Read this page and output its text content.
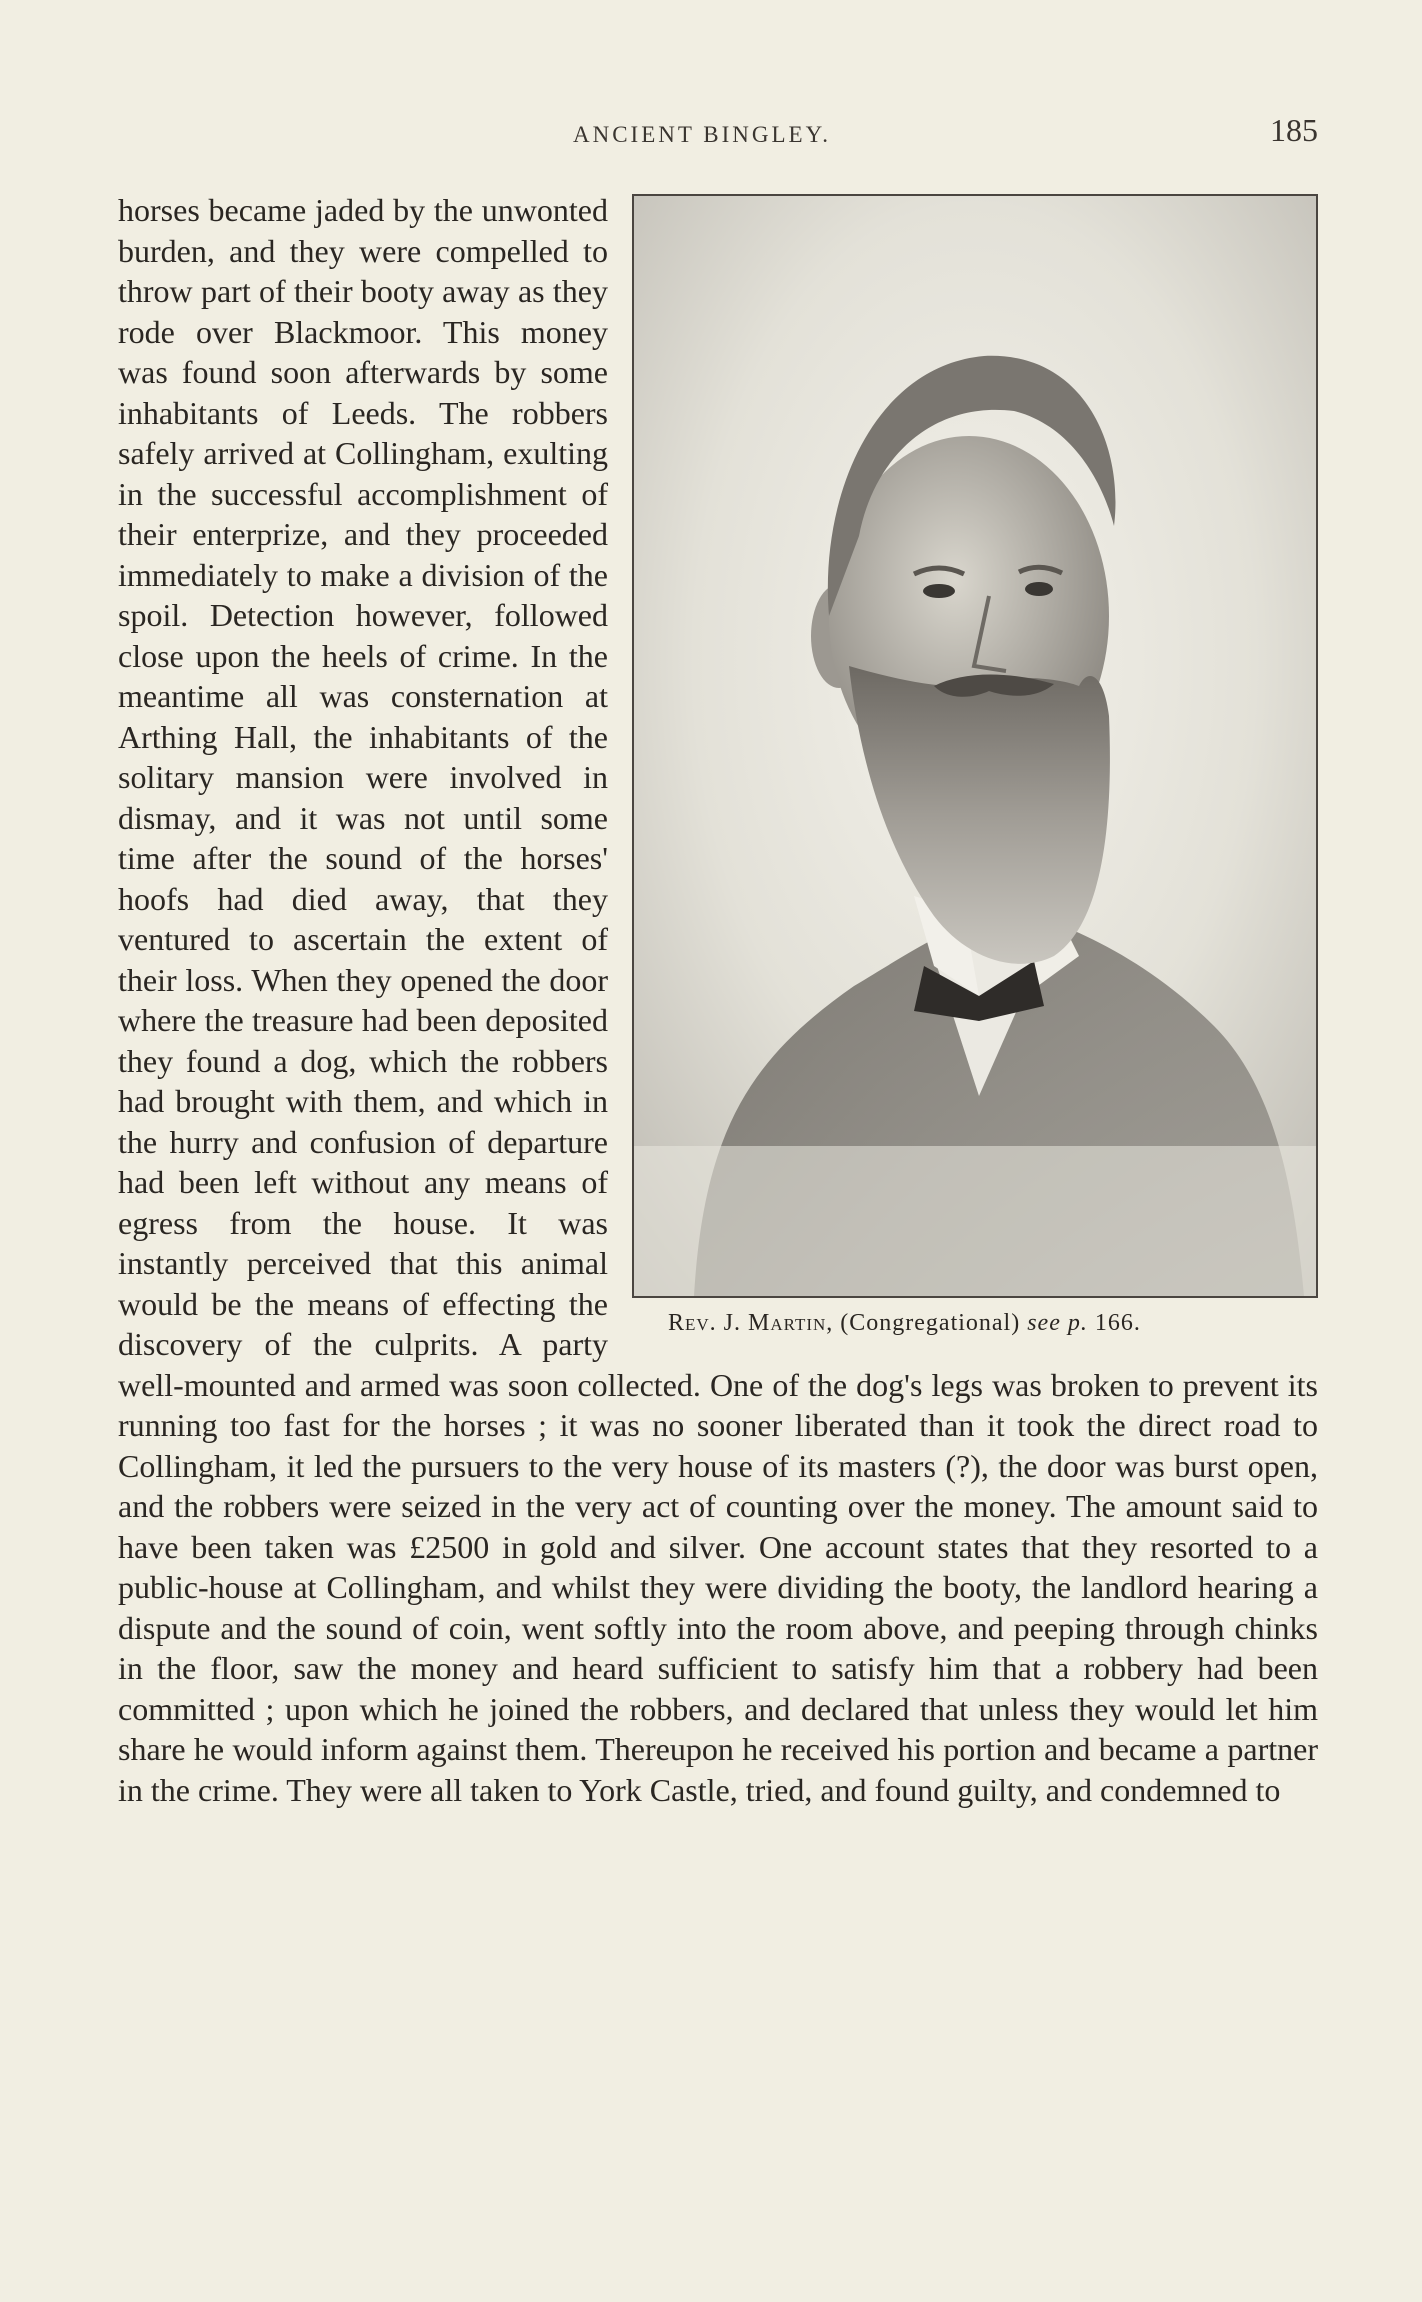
ANCIENT BINGLEY.	185
Rev. J. Martin, (Congregational) see p. 166.

horses became jaded by the unwonted burden, and they were compelled to throw part of their booty away as they rode over Blackmoor. This money was found soon afterwards by some inhabitants of Leeds. The robbers safely arrived at Collingham, exulting in the successful accomplishment of their enterprize, and they proceeded immediately to make a division of the spoil. Detection however, followed close upon the heels of crime. In the meantime all was consternation at Arthing Hall, the inhabitants of the solitary mansion were involved in dismay, and it was not until some time after the sound of the horses' hoofs had died away, that they ventured to ascertain the extent of their loss. When they opened the door where the treasure had been deposited they found a dog, which the robbers had brought with them, and which in the hurry and confusion of departure had been left without any means of egress from the house. It was instantly perceived that this animal would be the means of effecting the discovery of the culprits. A party well-mounted and armed was soon collected. One of the dog's legs was broken to prevent its running too fast for the horses ; it was no sooner liberated than it took the direct road to Collingham, it led the pursuers to the very house of its masters (?), the door was burst open, and the robbers were seized in the very act of counting over the money. The amount said to have been taken was £2500 in gold and silver. One account states that they resorted to a public-house at Collingham, and whilst they were dividing the booty, the landlord hearing a dispute and the sound of coin, went softly into the room above, and peeping through chinks in the floor, saw the money and heard sufficient to satisfy him that a robbery had been committed ; upon which he joined the robbers, and declared that unless they would let him share he would inform against them. Thereupon he received his portion and became a partner in the crime. They were all taken to York Castle, tried, and found guilty, and condemned to
